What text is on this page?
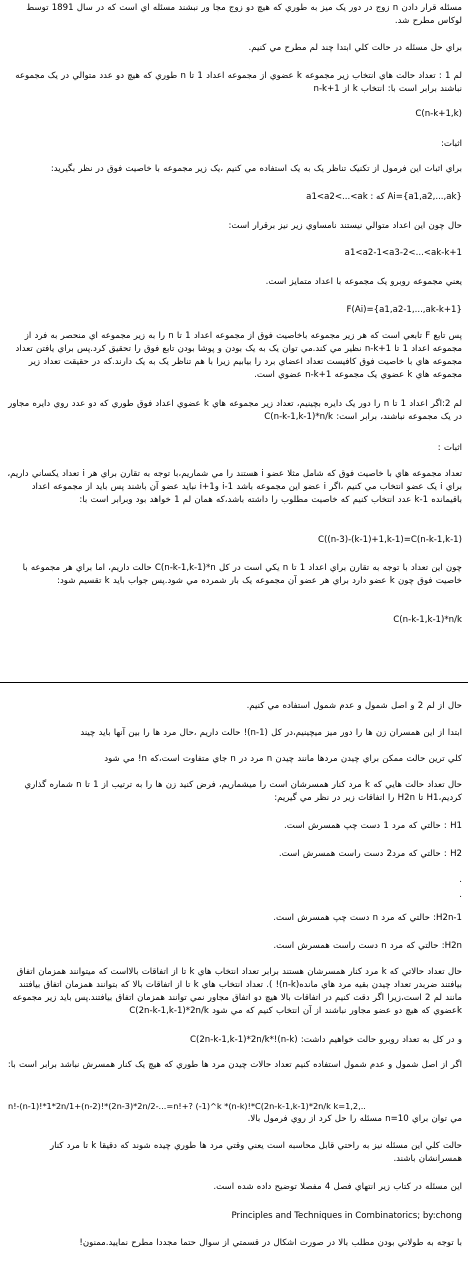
مسئله قرار دادن n زوج در دور يک ميز به طوري که هيچ دو زوج مجا ور نبشند مسئله اي است که در سال 1891 توسط لوکاس مطرح شد.
براي حل مسئله در حالت کلي ابتدا چند لم مطرح مي کنيم.
لم 1 : تعداد حالت هاي انتخاب زير مجموعه k عضوي از مجموعه اعداد 1 تا n طوري که هيچ دو عدد متوالي در يک مجموعه نباشند برابر است با: انتخاب k از n-k+1
C(n-k+1,k)
اثبات:
براي اثبات اين فرمول از تکنيک تناظر يک به يک استفاده مي کنيم ،يک زير مجموعه با خاصيت فوق در نظر بگيريد:
a1<a2<...<ak : که Ai={a1,a2,...,ak}
حال چون اين اعداد متوالي نيستند نامساوي زير نيز برقرار است:
a1<a2-1<a3-2<...<ak-k+1
يعني مجموعه روبرو يک مجموعه با اعداد متمايز است.
F(Ai)={a1,a2-1,...,ak-k+1}
پس تابع F تابعي است که هر زير مجموعه باخاصيت فوق از مجموعه اعداد 1 تا n را به زير مجموعه اي منحصر به فرد از مجموعه اعداد 1 تا n-k+1 نظير مي کند.مي توان يک به يک بودن و پوشا بودن تابع فوق را تحقيق کرد.پس براي يافتن تعداد مجموعه هاي با خاصيت فوق کافيست تعداد اعضاي برد را بيابيم زيرا با هم تناظر يک به يک دارند.که در حقيقت تعداد زير مجموعه هاي k عضوي يک مجموعه n-k+1 عضوي است.
لم 2:اگر اعداد 1 تا n را دور يک دايره بچينيم، تعداد زير مجموعه هاي k عضوي اعداد فوق طوري که دو عدد روي دايره مجاور در يک مجموعه نباشند، برابر است: C(n-k-1,k-1)*n/k
اثبات :
تعداد مجموعه هاي با خاصيت فوق که شامل مثلا عضو i هستند را مي شماريم،با توجه به تقارن براي هر i تعداد يکساني داريم، براي i يک عضو انتخاب مي کنيم ،اگر i عضو اين مجموعه باشد i-1 وi+1 نبايد عضو آن باشند پس بايد از مجموعه اعداد باقيمانده k-1 عدد انتخاب کنيم که خاصيت مطلوب را داشته باشد،که همان لم 1 خواهد بود وبرابر است با:
C((n-3)-(k-1)+1,k-1)=C(n-k-1,k-1)
چون اين تعداد با توجه به تقارن براي اعداد 1 تا n يکي است در کل C(n-k-1,k-1)*n حالت داريم، اما براي هر مجموعه با خاصيت فوق چون k عضو دارد براي هر عضو آن مجموعه يک بار شمرده مي شود.پس جواب بايد k تقسيم شود:
C(n-k-1,k-1)*n/k
حال از لم 2 و اصل شمول و عدم شمول استفاده مي کنيم.
ابتدا از اين همسران زن ها را دور ميز ميچينيم،در کل (n-1)! حالت داريم ،حال مرد ها را بين آنها بايد چيند
کلي ترين حالت ممکن براي چيدن مردها مانند چيدن n مرد در n جاي متفاوت است،که n! مي شود
حال تعداد حالت هايي که k مرد کنار همسرشان است را ميشماريم، فرض کنيد زن ها را به ترتيب از 1 تا n شماره گذاري کرديم،H1 تا H2n را اتفاقات زير در نظر مي گيريم:
H1 : حالتي که مرد 1 دست چپ همسرش است.
H2 : حالتي که مرد2 دست راست همسرش است.
.
.
H2n-1: حالتي که مرد n دست چپ همسرش است.
H2n: حالتي که مرد n دست راست همسرش است.
حال تعداد حالاتي که k مرد کنار همسرشان هستند برابر تعداد انتخاب هاي k تا از اتفاقات بالااست که ميتوانند همزمان اتفاق بيافتند ضربدر تعداد چيدن بقيه مرد هاي مانده(n-k)! ). تعداد انتخاب هاي k تا از اتفاقات بالا که بتوانند همزمان اتفاق بيافتند مانند لم 2 است،زيرا اگر دقت کنيم در اتفاقات بالا هيچ دو اتفاق مجاور نمي توانند همزمان اتفاق بيافتند.پس بايد زير مجموعه kعضوي که هيچ دو عضو مجاور نباشند از آن انتخاب کنيم که مي شود C(2n-k-1,k-1)*2n/k
و در کل به تعداد روبرو حالت خواهيم داشت: (n-k)!*C(2n-k-1,k-1)*2n/k
اگر از اصل شمول و عدم شمول استفاده کنيم تعداد حالات چيدن مرد ها طوري که هيچ يک کنار همسرش نباشد برابر است با:
n!-(n-1)!*1*2n/1+(n-2)!*(2n-3)*2n/2-...=n!+? (-1)^k *(n-k)!*C(2n-k-1,k-1)*2n/k k=1,2,..
مي توان براي n=10 مسئله را حل کرد از روي فرمول بالا.
حالت کلي اين مسئله نيز به راحتي قابل محاسبه است يعني وقتي مرد ها طوري چيده شوند که دقيقا k تا مرد کنار همسرانشان باشند.
اين مسئله در کتاب زير انتهاي فصل 4 مفصلا توضيح داده شده است.
Principles and Techniques in Combinatorics; by:chong
با توجه به طولاني بودن مطلب بالا در صورت اشکال در قسمتي از سوال حتما مجددا مطرح نماييد.ممنون!
